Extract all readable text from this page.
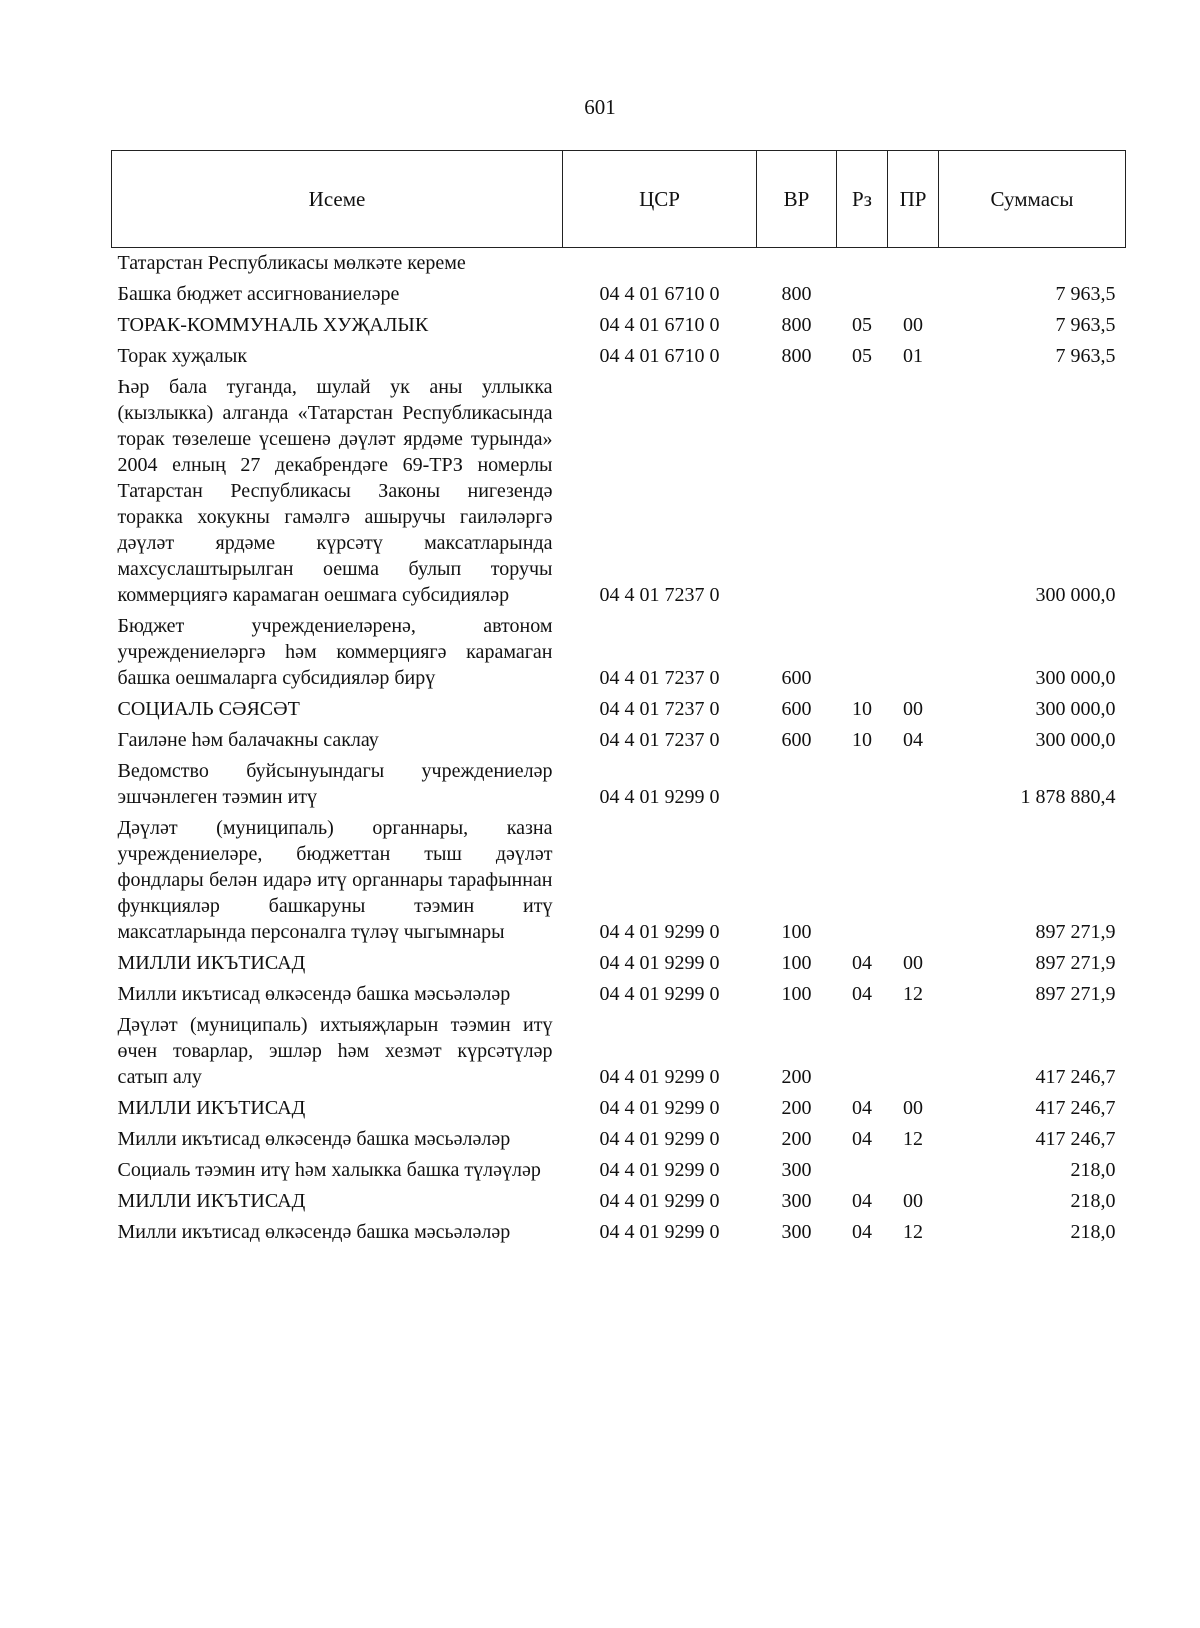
601
Исеме	ЦСР	ВР	Рз	ПР	Суммасы
Татарстан Республикасы мөлкәте кереме					
Башка бюджет ассигнованиеләре	04 4 01 6710 0	800			7 963,5
ТОРАК-КОММУНАЛЬ ХУҖАЛЫК	04 4 01 6710 0	800	05	00	7 963,5
Торак хуҗалык	04 4 01 6710 0	800	05	01	7 963,5
Һәр бала туганда, шулай ук аны уллыкка (кызлыкка) алганда «Татарстан Республикасында торак төзелеше үсешенә дәүләт ярдәме турында» 2004 елның 27 декабрендәге 69-ТРЗ номерлы Татарстан Республикасы Законы нигезендә торакка хокукны гамәлгә ашыручы гаиләләргә дәүләт ярдәме күрсәтү максатларында махсуслаштырылган оешма булып торучы коммерциягә карамаган оешмага субсидияләр	04 4 01 7237 0				300 000,0
Бюджет учреждениеләренә, автоном учреждениеләргә һәм коммерциягә карамаган башка оешмаларга субсидияләр бирү	04 4 01 7237 0	600			300 000,0
СОЦИАЛЬ СӘЯСӘТ	04 4 01 7237 0	600	10	00	300 000,0
Гаиләне һәм балачакны саклау	04 4 01 7237 0	600	10	04	300 000,0
Ведомство буйсынуындагы учреждениеләр эшчәнлеген тәэмин итү	04 4 01 9299 0				1 878 880,4
Дәүләт (муниципаль) органнары, казна учреждениеләре, бюджеттан тыш дәүләт фондлары белән идарә итү органнары тарафыннан функцияләр башкаруны тәэмин итү максатларында персоналга түләү чыгымнары	04 4 01 9299 0	100			897 271,9
МИЛЛИ ИКЪТИСАД	04 4 01 9299 0	100	04	00	897 271,9
Милли икътисад өлкәсендә башка мәсьәләләр	04 4 01 9299 0	100	04	12	897 271,9
Дәүләт (муниципаль) ихтыяҗларын тәэмин итү өчен товарлар, эшләр һәм хезмәт күрсәтүләр сатып алу	04 4 01 9299 0	200			417 246,7
МИЛЛИ ИКЪТИСАД	04 4 01 9299 0	200	04	00	417 246,7
Милли икътисад өлкәсендә башка мәсьәләләр	04 4 01 9299 0	200	04	12	417 246,7
Социаль тәэмин итү һәм халыкка башка түләүләр	04 4 01 9299 0	300			218,0
МИЛЛИ ИКЪТИСАД	04 4 01 9299 0	300	04	00	218,0
Милли икътисад өлкәсендә башка мәсьәләләр	04 4 01 9299 0	300	04	12	218,0
